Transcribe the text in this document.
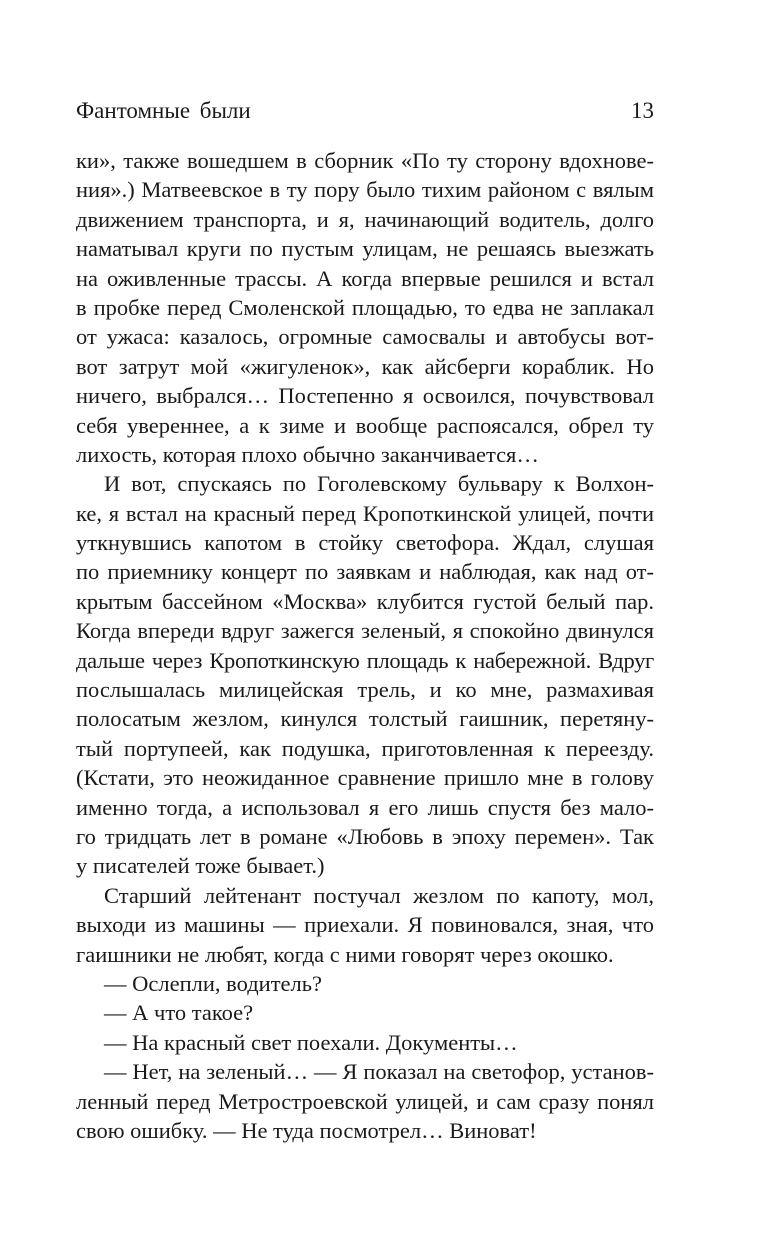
Фантомные были	13
ки», также вошедшем в сборник «По ту сторону вдохнове-
ния».) Матвеевское в ту пору было тихим районом с вялым
движением транспорта, и я, начинающий водитель, долго
наматывал круги по пустым улицам, не решаясь выезжать
на оживленные трассы. А когда впервые решился и встал
в пробке перед Смоленской площадью, то едва не заплакал
от ужаса: казалось, огромные самосвалы и автобусы вот-
вот затрут мой «жигуленок», как айсберги кораблик. Но
ничего, выбрался… Постепенно я освоился, почувствовал
себя увереннее, а к зиме и вообще распоясался, обрел ту
лихость, которая плохо обычно заканчивается…
И вот, спускаясь по Гоголевскому бульвару к Волхон-
ке, я встал на красный перед Кропоткинской улицей, почти
уткнувшись капотом в стойку светофора. Ждал, слушая
по приемнику концерт по заявкам и наблюдая, как над от-
крытым бассейном «Москва» клубится густой белый пар.
Когда впереди вдруг зажегся зеленый, я спокойно двинулся
дальше через Кропоткинскую площадь к набережной. Вдруг
послышалась милицейская трель, и ко мне, размахивая
полосатым жезлом, кинулся толстый гаишник, перетяну-
тый портупеей, как подушка, приготовленная к переезду.
(Кстати, это неожиданное сравнение пришло мне в голову
именно тогда, а использовал я его лишь спустя без мало-
го тридцать лет в романе «Любовь в эпоху перемен». Так
у писателей тоже бывает.)
Старший лейтенант постучал жезлом по капоту, мол,
выходи из машины — приехали. Я повиновался, зная, что
гаишники не любят, когда с ними говорят через окошко.
— Ослепли, водитель?
— А что такое?
— На красный свет поехали. Документы…
— Нет, на зеленый… — Я показал на светофор, установ-
ленный перед Метростроевской улицей, и сам сразу понял
свою ошибку. — Не туда посмотрел… Виноват!
